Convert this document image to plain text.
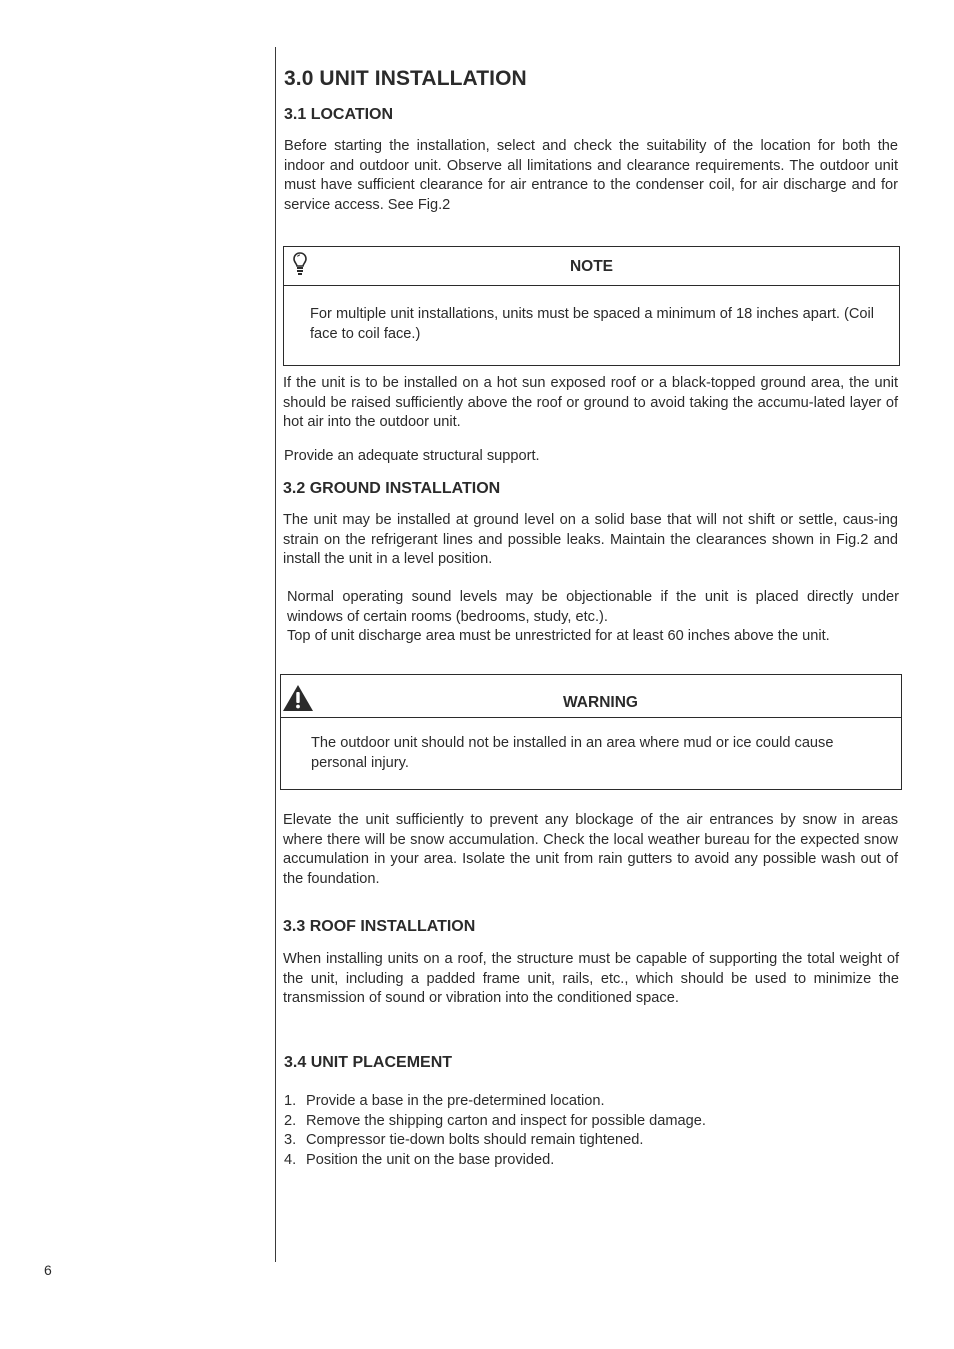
3.0 UNIT INSTALLATION
3.1 LOCATION

Before starting the installation, select and check the suitability of the location for both the indoor and outdoor unit. Observe all limitations and clearance requirements. The outdoor unit must have sufficient clearance for air entrance to the condenser coil, for air discharge and for service access. See Fig.2

NOTE

For multiple unit installations, units must be spaced a minimum of 18 inches apart. (Coil face to coil face.)

If the unit is to be installed on a hot sun exposed roof or a black-topped ground area, the unit should be raised sufficiently above the roof or ground to avoid taking the accumu-lated layer of hot air into the outdoor unit.

Provide an adequate structural support.

3.2 GROUND INSTALLATION

The unit may be installed at ground level on a solid base that will not shift or settle, caus-ing strain on the refrigerant lines and possible leaks. Maintain the clearances shown in Fig.2 and install the unit in a level position.

Normal operating sound levels may be objectionable if the unit is placed directly under windows of certain rooms (bedrooms, study, etc.).

Top of unit discharge area must be unrestricted for at least 60 inches above the unit.

WARNING

The outdoor unit should not be installed in an area where mud or ice could cause personal injury.

Elevate the unit sufficiently to prevent any blockage of the air entrances by snow in areas where there will be snow accumulation. Check the local weather bureau for the expected snow accumulation in your area. Isolate the unit from rain gutters to avoid any possible wash out of the foundation.

3.3 ROOF INSTALLATION

When installing units on a roof, the structure must be capable of supporting the total weight of the unit, including a padded frame unit, rails, etc., which should be used to minimize the transmission of sound or vibration into the conditioned space.

3.4 UNIT PLACEMENT
1. Provide a base in the pre-determined location.
2. Remove the shipping carton and inspect for possible damage.
3. Compressor tie-down bolts should remain tightened.
4. Position the unit on the base provided.
6
